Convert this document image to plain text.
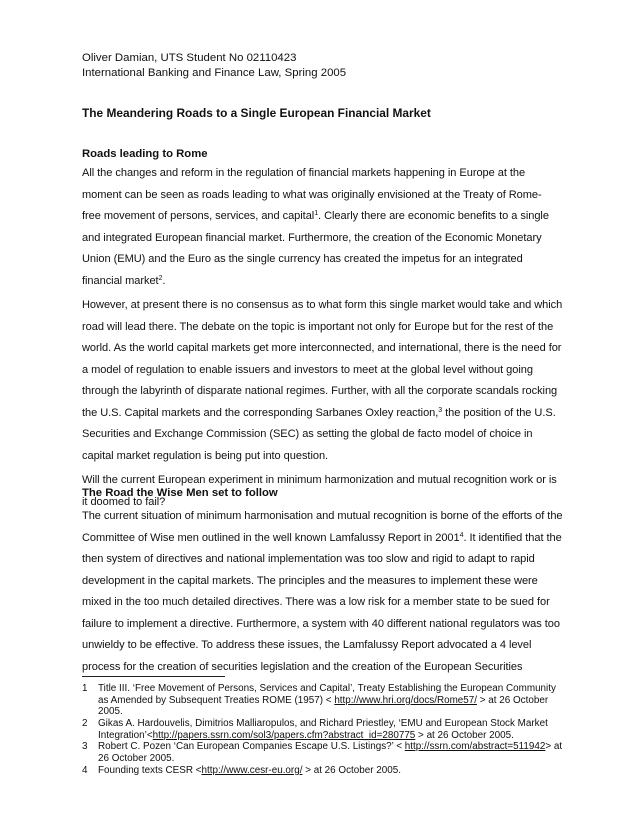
Oliver Damian, UTS Student No 02110423
International Banking and Finance Law, Spring 2005
The Meandering Roads to a Single European Financial Market
Roads leading to Rome

All the changes and reform in the regulation of financial markets happening in Europe at the moment can be seen as roads leading to what was originally envisioned at the Treaty of Rome- free movement of persons, services, and capital$^1$. Clearly there are economic benefits to a single and integrated European financial market. Furthermore, the creation of the Economic Monetary Union (EMU) and the Euro as the single currency has created the impetus for an integrated financial market$^2$.

However, at present there is no consensus as to what form this single market would take and which road will lead there. The debate on the topic is important not only for Europe but for the rest of the world. As the world capital markets get more interconnected, and international, there is the need for a model of regulation to enable issuers and investors to meet at the global level without going through the labyrinth of disparate national regimes. Further, with all the corporate scandals rocking the U.S. Capital markets and the corresponding Sarbanes Oxley reaction,$^3$ the position of the U.S. Securities and Exchange Commission (SEC) as setting the global de facto model of choice in capital market regulation is being put into question.

Will the current European experiment in minimum harmonization and mutual recognition work or is it doomed to fail?

The Road the Wise Men set to follow

The current situation of minimum harmonisation and mutual recognition is borne of the efforts of the Committee of Wise men outlined in the well known Lamfalussy Report in 2001$^4$. It identified that the then system of directives and national implementation was too slow and rigid to adapt to rapid development in the capital markets. The principles and the measures to implement these were mixed in the too much detailed directives. There was a low risk for a member state to be sued for failure to implement a directive. Furthermore, a system with 40 different national regulators was too unwieldy to be effective. To address these issues, the Lamfalussy Report advocated a 4 level process for the creation of securities legislation and the creation of the European Securities

1 Title III. ‘Free Movement of Persons, Services and Capital’, Treaty Establishing the European Community as Amended by Subsequent Treaties ROME (1957) < http://www.hri.org/docs/Rome57/ > at 26 October 2005.
2 Gikas A. Hardouvelis, Dimitrios Malliaropulos, and Richard Priestley, ‘EMU and European Stock Market Integration’<http://papers.ssrn.com/sol3/papers.cfm?abstract_id=280775 > at 26 October 2005.
3 Robert C. Pozen ‘Can European Companies Escape U.S. Listings?’ < http://ssrn.com/abstract=511942> at 26 October 2005.
4 Founding texts CESR <http://www.cesr-eu.org/ > at 26 October 2005.
